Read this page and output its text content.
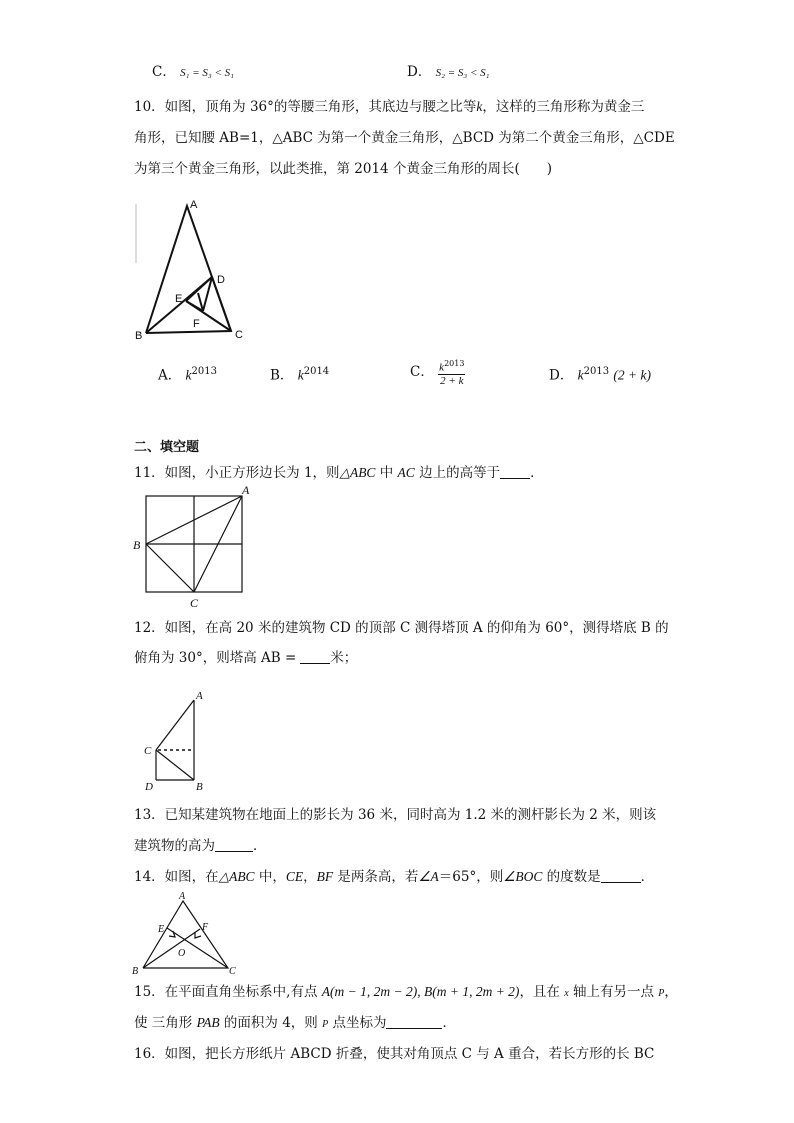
C． S₁ = S₃ < S₁	D． S₂ = S₃ < S₁
10．如图，顶角为 36°的等腰三角形，其底边与腰之比等k，这样的三角形称为黄金三
角形，已知腰 AB=1，△ABC 为第一个黄金三角形，△BCD 为第二个黄金三角形，△CDE
为第三个黄金三角形，以此类推，第 2014 个黄金三角形的周长(　　)
A
B	C
D
E
F
A． $k^{2013}$	B． $k^{2014}$	C． $\frac{k^{2013}}{2 + k}$	D． $k^{2013}$ (2 + k)
二、填空题
11．如图，小正方形边长为 1，则△ABC 中 AC 边上的高等于 ．
A
B
C
12．如图，在高 20 米的建筑物 CD 的顶部 C 测得塔顶 A 的仰角为 60°，测得塔底 B 的
俯角为 30°，则塔高 AB =	米；
A
C
D	B
13．已知某建筑物在地面上的影长为 36 米，同时高为 1.2 米的测杆影长为 2 米，则该
建筑物的高为	．
14．如图，在△ABC 中，CE，BF 是两条高，若∠A＝65°，则∠BOC 的度数是	．
A
B	C
E	F
O
15．在平面直角坐标系中,有点 A(m − 1, 2m − 2), B(m + 1, 2m + 2)，且在 x 轴上有另一点 P，
使 三角形 PAB 的面积为 4，则 P 点坐标为	．
16．如图，把长方形纸片 ABCD 折叠，使其对角顶点 C 与 A 重合，若长方形的长 BC
